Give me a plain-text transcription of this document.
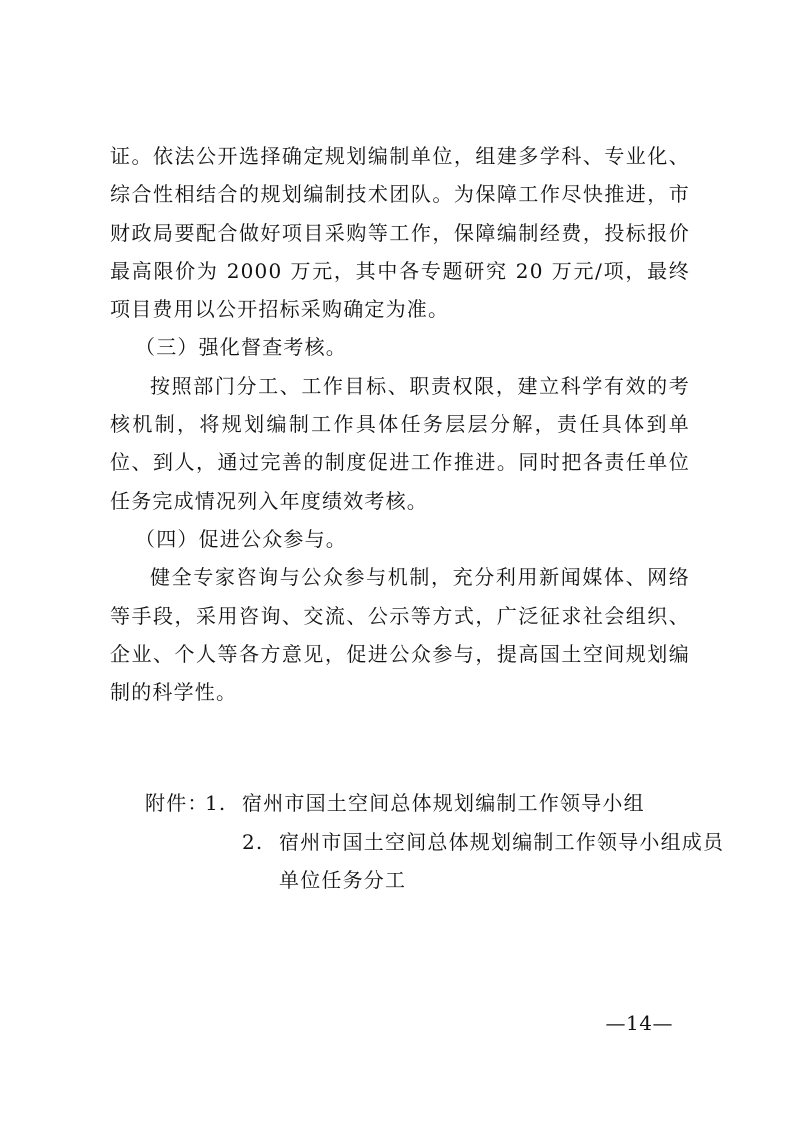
证。依法公开选择确定规划编制单位，组建多学科、专业化、综合性相结合的规划编制技术团队。为保障工作尽快推进，市财政局要配合做好项目采购等工作，保障编制经费，投标报价最高限价为 2000 万元，其中各专题研究 20 万元/项，最终项目费用以公开招标采购确定为准。

（三）强化督查考核。

按照部门分工、工作目标、职责权限，建立科学有效的考核机制，将规划编制工作具体任务层层分解，责任具体到单位、到人，通过完善的制度促进工作推进。同时把各责任单位任务完成情况列入年度绩效考核。

（四）促进公众参与。

健全专家咨询与公众参与机制，充分利用新闻媒体、网络等手段，采用咨询、交流、公示等方式，广泛征求社会组织、企业、个人等各方意见，促进公众参与，提高国土空间规划编制的科学性。

附件：
1. 宿州市国土空间总体规划编制工作领导小组
2. 宿州市国土空间总体规划编制工作领导小组成员
单位任务分工
—14—
